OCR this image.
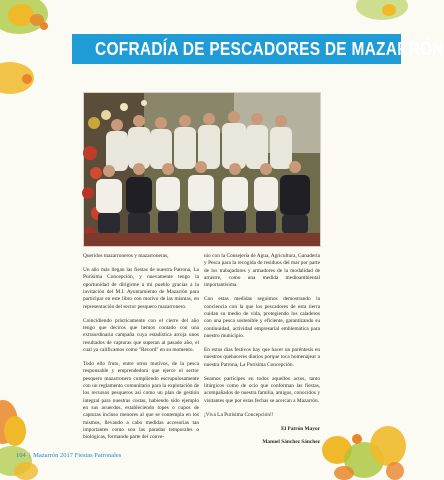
COFRADÍA DE PESCADORES DE MAZARRÓN

Queridos mazarroneros y mazarroneras,

Un año más llegan las fiestas de nuestra Patrona, La Purísima Concepción, y nuevamente tengo la oportunidad de dirigirme a mi pueblo gracias a la invitación del M.I. Ayuntamiento de Mazarrón para participar en este libro con motivo de las mismas, en representación del sector pesquero mazarronero.

Coincidiendo prácticamente con el cierre del año tengo que deciros que hemos contado con una extraordinaria campaña cuya estadística arroja unos resultados de capturas que superan al pasado año, el cual ya calificamos como "Record" en su momento.

Todo ello fruto, entre otros motivos, de la pesca responsable y emprendedora que ejerce el sector pesquero mazarronero cumpliendo escrupulosamente con un reglamento comunitario para la explotación de los recursos pesqueros así como un plan de gestión integral para nuestras costas, habiendo sido ejemplo en sus acuerdos, estableciendo topes o cupos de capturas incluso menores al que se contempla en los mismos, llevando a cabo medidas accesorias tan importantes como son las paradas temporales o biológicas, formando parte del conve-

nio con la Consejería de Agua, Agricultura, Ganadería y Pesca para la recogida de residuos del mar por parte de los trabajadores y armadores de la modalidad de arrastre, como una medida medioambiental importantísima.

Con estas medidas seguimos demostrando la conciencia con la que los pescadores de esta tierra cuidan su medio de vida, protegiendo los caladeros con una pesca sostenible y eficiente, garantizando su continuidad, actividad empresarial emblemática para nuestro municipio.

En estos días festivos hay que hacer un paréntesis en nuestros quehaceres diarios porque toca homenajear a nuestra Patrona, La Purísima Concepción.

Seamos partícipes en todos aquellos actos, tanto litúrgicos como de ocio que conforman las fiestas, acompañados de nuestra familia, amigos, conocidos y visitantes que por estas fechas se acercan a Mazarrón.

¡Viva La Purísima Concepción!!

El Patrón Mayor

Manuel Sánchez Sánchez

104 | Mazarrón 2017 Fiestas Patronales
